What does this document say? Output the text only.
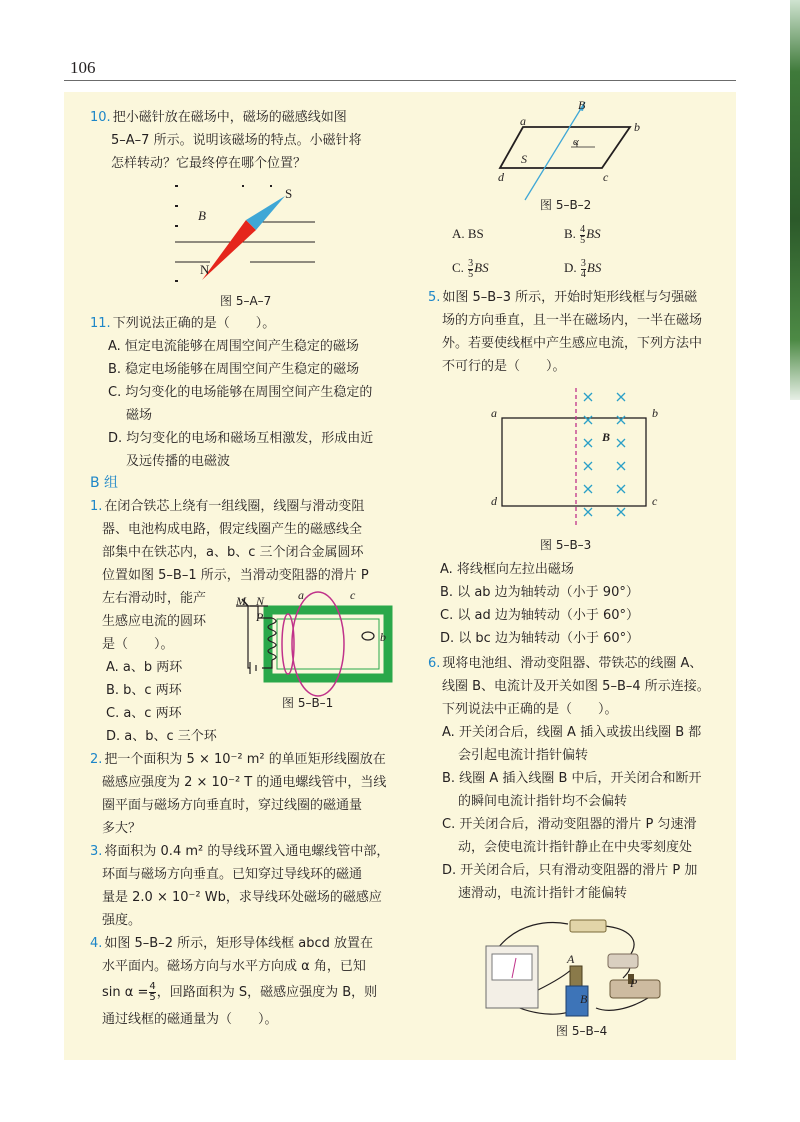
106

10. 把小磁针放在磁场中，磁场的磁感线如图

5–A–7 所示。说明该磁场的特点。小磁针将

怎样转动？它最终停在哪个位置？

S
B
N
图 5–A–7

11. 下列说法正确的是（　　）。

A. 恒定电流能够在周围空间产生稳定的磁场

B. 稳定电场能够在周围空间产生稳定的磁场

C. 均匀变化的电场能够在周围空间产生稳定的

磁场

D. 均匀变化的电场和磁场互相激发，形成由近

及远传播的电磁波

B 组

1. 在闭合铁芯上绕有一组线圈，线圈与滑动变阻

器、电池构成电路，假定线圈产生的磁感线全

部集中在铁芯内，a、b、c 三个闭合金属圆环

位置如图 5–B–1 所示，当滑动变阻器的滑片 P

左右滑动时，能产

生感应电流的圆环

是（　　）。

A. a、b 两环

B. b、c 两环

C. a、c 两环

D. a、b、c 三个环

M N
P
a	c
b
图 5–B–1

2. 把一个面积为 5 × 10⁻² m² 的单匝矩形线圈放在

磁感应强度为 2 × 10⁻² T 的通电螺线管中，当线

圈平面与磁场方向垂直时，穿过线圈的磁通量

多大？

3. 将面积为 0.4 m² 的导线环置入通电螺线管中部，

环面与磁场方向垂直。已知穿过导线环的磁通

量是 2.0 × 10⁻² Wb，求导线环处磁场的磁感应

强度。

4. 如图 5–B–2 所示，矩形导体线框 abcd 放置在

水平面内。磁场方向与水平方向成 α 角，已知

$\sin \alpha = \frac{4}{5}$ ，回路面积为 S，磁感应强度为 B，则

通过线框的磁通量为（　　）。

B
a	b
c
d
S
α
图 5–B–2
A. BS	B. $\frac{4}{5}$ BS
C. $\frac{3}{5}$ BS	D. $\frac{3}{4}$ BS

5. 如图 5–B–3 所示，开始时矩形线框与匀强磁

场的方向垂直，且一半在磁场内，一半在磁场

外。若要使线框中产生感应电流，下列方法中

不可行的是（　　）。

a	b
c
d
B
图 5–B–3

A. 将线框向左拉出磁场

B. 以 ab 边为轴转动（小于 90°）

C. 以 ad 边为轴转动（小于 60°）

D. 以 bc 边为轴转动（小于 60°）

6. 现将电池组、滑动变阻器、带铁芯的线圈 A、

线圈 B、电流计及开关如图 5–B–4 所示连接。

下列说法中正确的是（　　）。

A. 开关闭合后，线圈 A 插入或拔出线圈 B 都

会引起电流计指针偏转

B. 线圈 A 插入线圈 B 中后，开关闭合和断开

的瞬间电流计指针均不会偏转

C. 开关闭合后，滑动变阻器的滑片 P 匀速滑

动，会使电流计指针静止在中央零刻度处

D. 开关闭合后，只有滑动变阻器的滑片 P 加

速滑动，电流计指针才能偏转

A
B
P
图 5–B–4
